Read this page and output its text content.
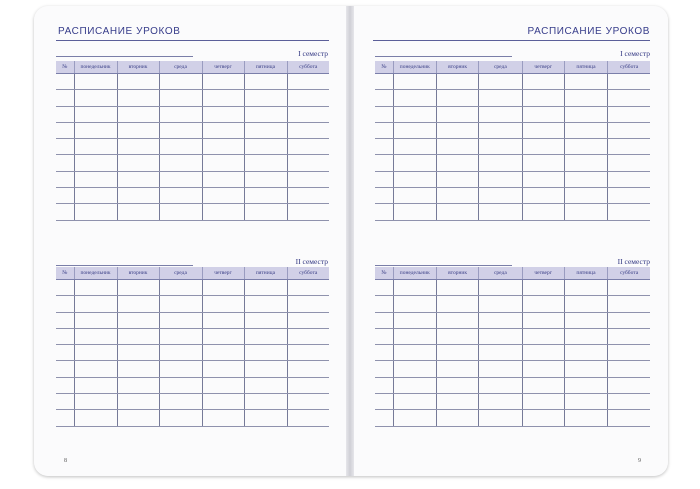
РАСПИСАНИЕ УРОКОВ	РАСПИСАНИЕ УРОКОВ
I семестр
II семестр
I семестр
II семестр
№	понедельник	вторник	среда	четверг	пятница	суббота

№	понедельник	вторник	среда	четверг	пятница	суббота

№	понедельник	вторник	среда	четверг	пятница	суббота

№	понедельник	вторник	среда	четверг	пятница	суббота

8	9
